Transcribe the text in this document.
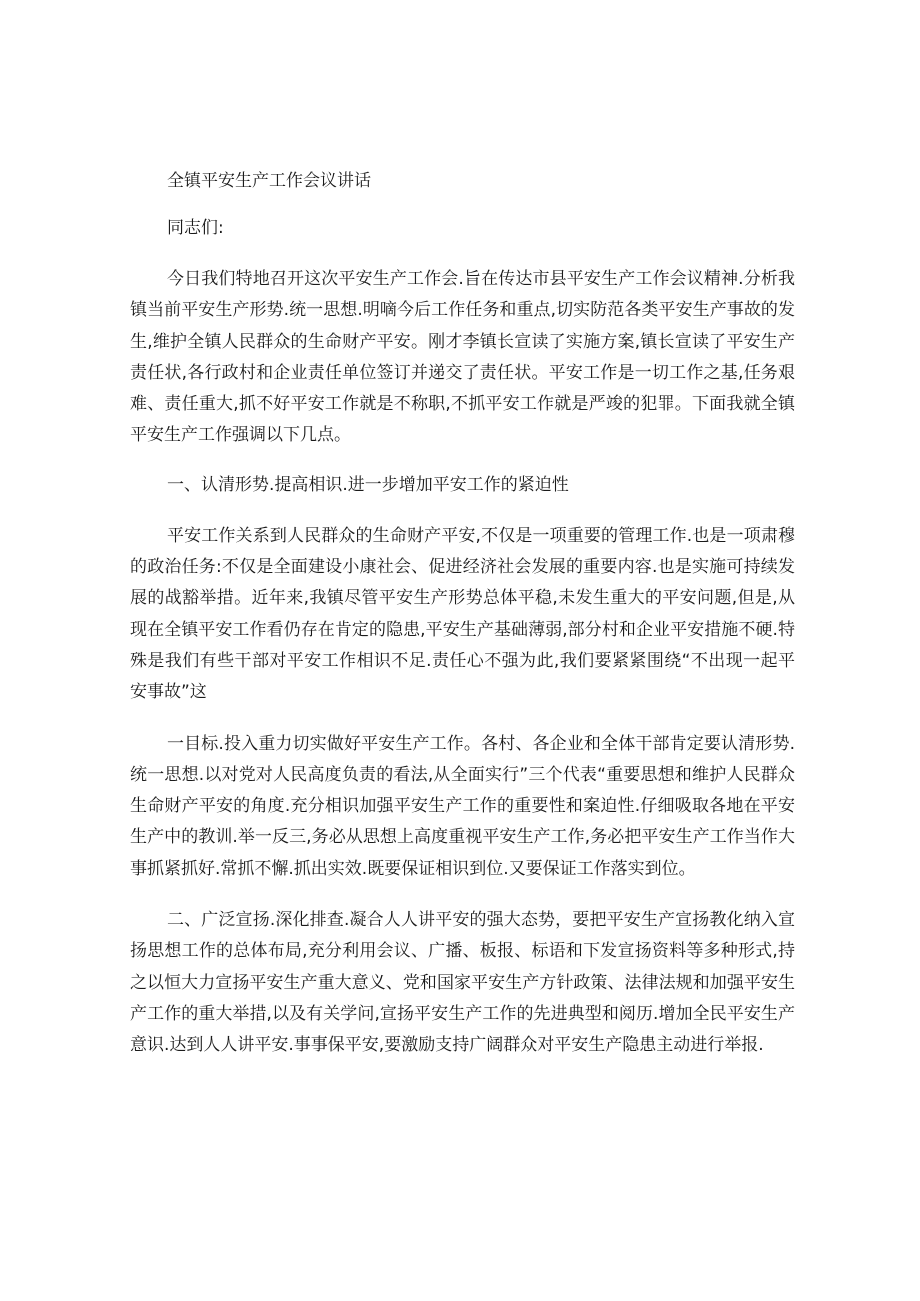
全镇平安生产工作会议讲话
同志们:

今日我们特地召开这次平安生产工作会.旨在传达市县平安生产工作会议精神.分析我镇当前平安生产形势.统一思想.明嘀今后工作任务和重点,切实防范各类平安生产事故的发生,维护全镇人民群众的生命财产平安。刚才李镇长宣读了实施方案,镇长宣读了平安生产责任状,各行政村和企业责任单位签订并递交了责任状。平安工作是一切工作之基,任务艰难、责任重大,抓不好平安工作就是不称职,不抓平安工作就是严竣的犯罪。下面我就全镇平安生产工作强调以下几点。

一、认清形势.提高相识.进一步增加平安工作的紧迫性

平安工作关系到人民群众的生命财产平安,不仅是一项重要的管理工作.也是一项肃穆的政治任务:不仅是全面建设小康社会、促进经济社会发展的重要内容.也是实施可持续发展的战豁举措。近年来,我镇尽管平安生产形势总体平稳,未发生重大的平安问题,但是,从现在全镇平安工作看仍存在肯定的隐患,平安生产基础薄弱,部分村和企业平安措施不硬.特殊是我们有些干部对平安工作相识不足.责任心不强为此,我们要紧紧围绕“不出现一起平安事故”这

一目标.投入重力切实做好平安生产工作。各村、各企业和全体干部肯定要认清形势.统一思想.以对党对人民高度负责的看法,从全面实行”三个代表“重要思想和维护人民群众生命财产平安的角度.充分相识加强平安生产工作的重要性和案迫性.仔细吸取各地在平安生产中的教训.举一反三,务必从思想上高度重视平安生产工作,务必把平安生产工作当作大事抓紧抓好.常抓不懈.抓出实效.既要保证相识到位.又要保证工作落实到位。

二、广泛宣扬.深化排查.凝合人人讲平安的强大态势，要把平安生产宣扬教化纳入宣扬思想工作的总体布局,充分利用会议、广播、板报、标语和下发宣扬资料等多种形式,持之以恒大力宣扬平安生产重大意义、党和国家平安生产方针政策、法律法规和加强平安生产工作的重大举措,以及有关学问,宣扬平安生产工作的先进典型和阅历.增加全民平安生产意识.达到人人讲平安.事事保平安,要激励支持广阔群众对平安生产隐患主动进行举报.
